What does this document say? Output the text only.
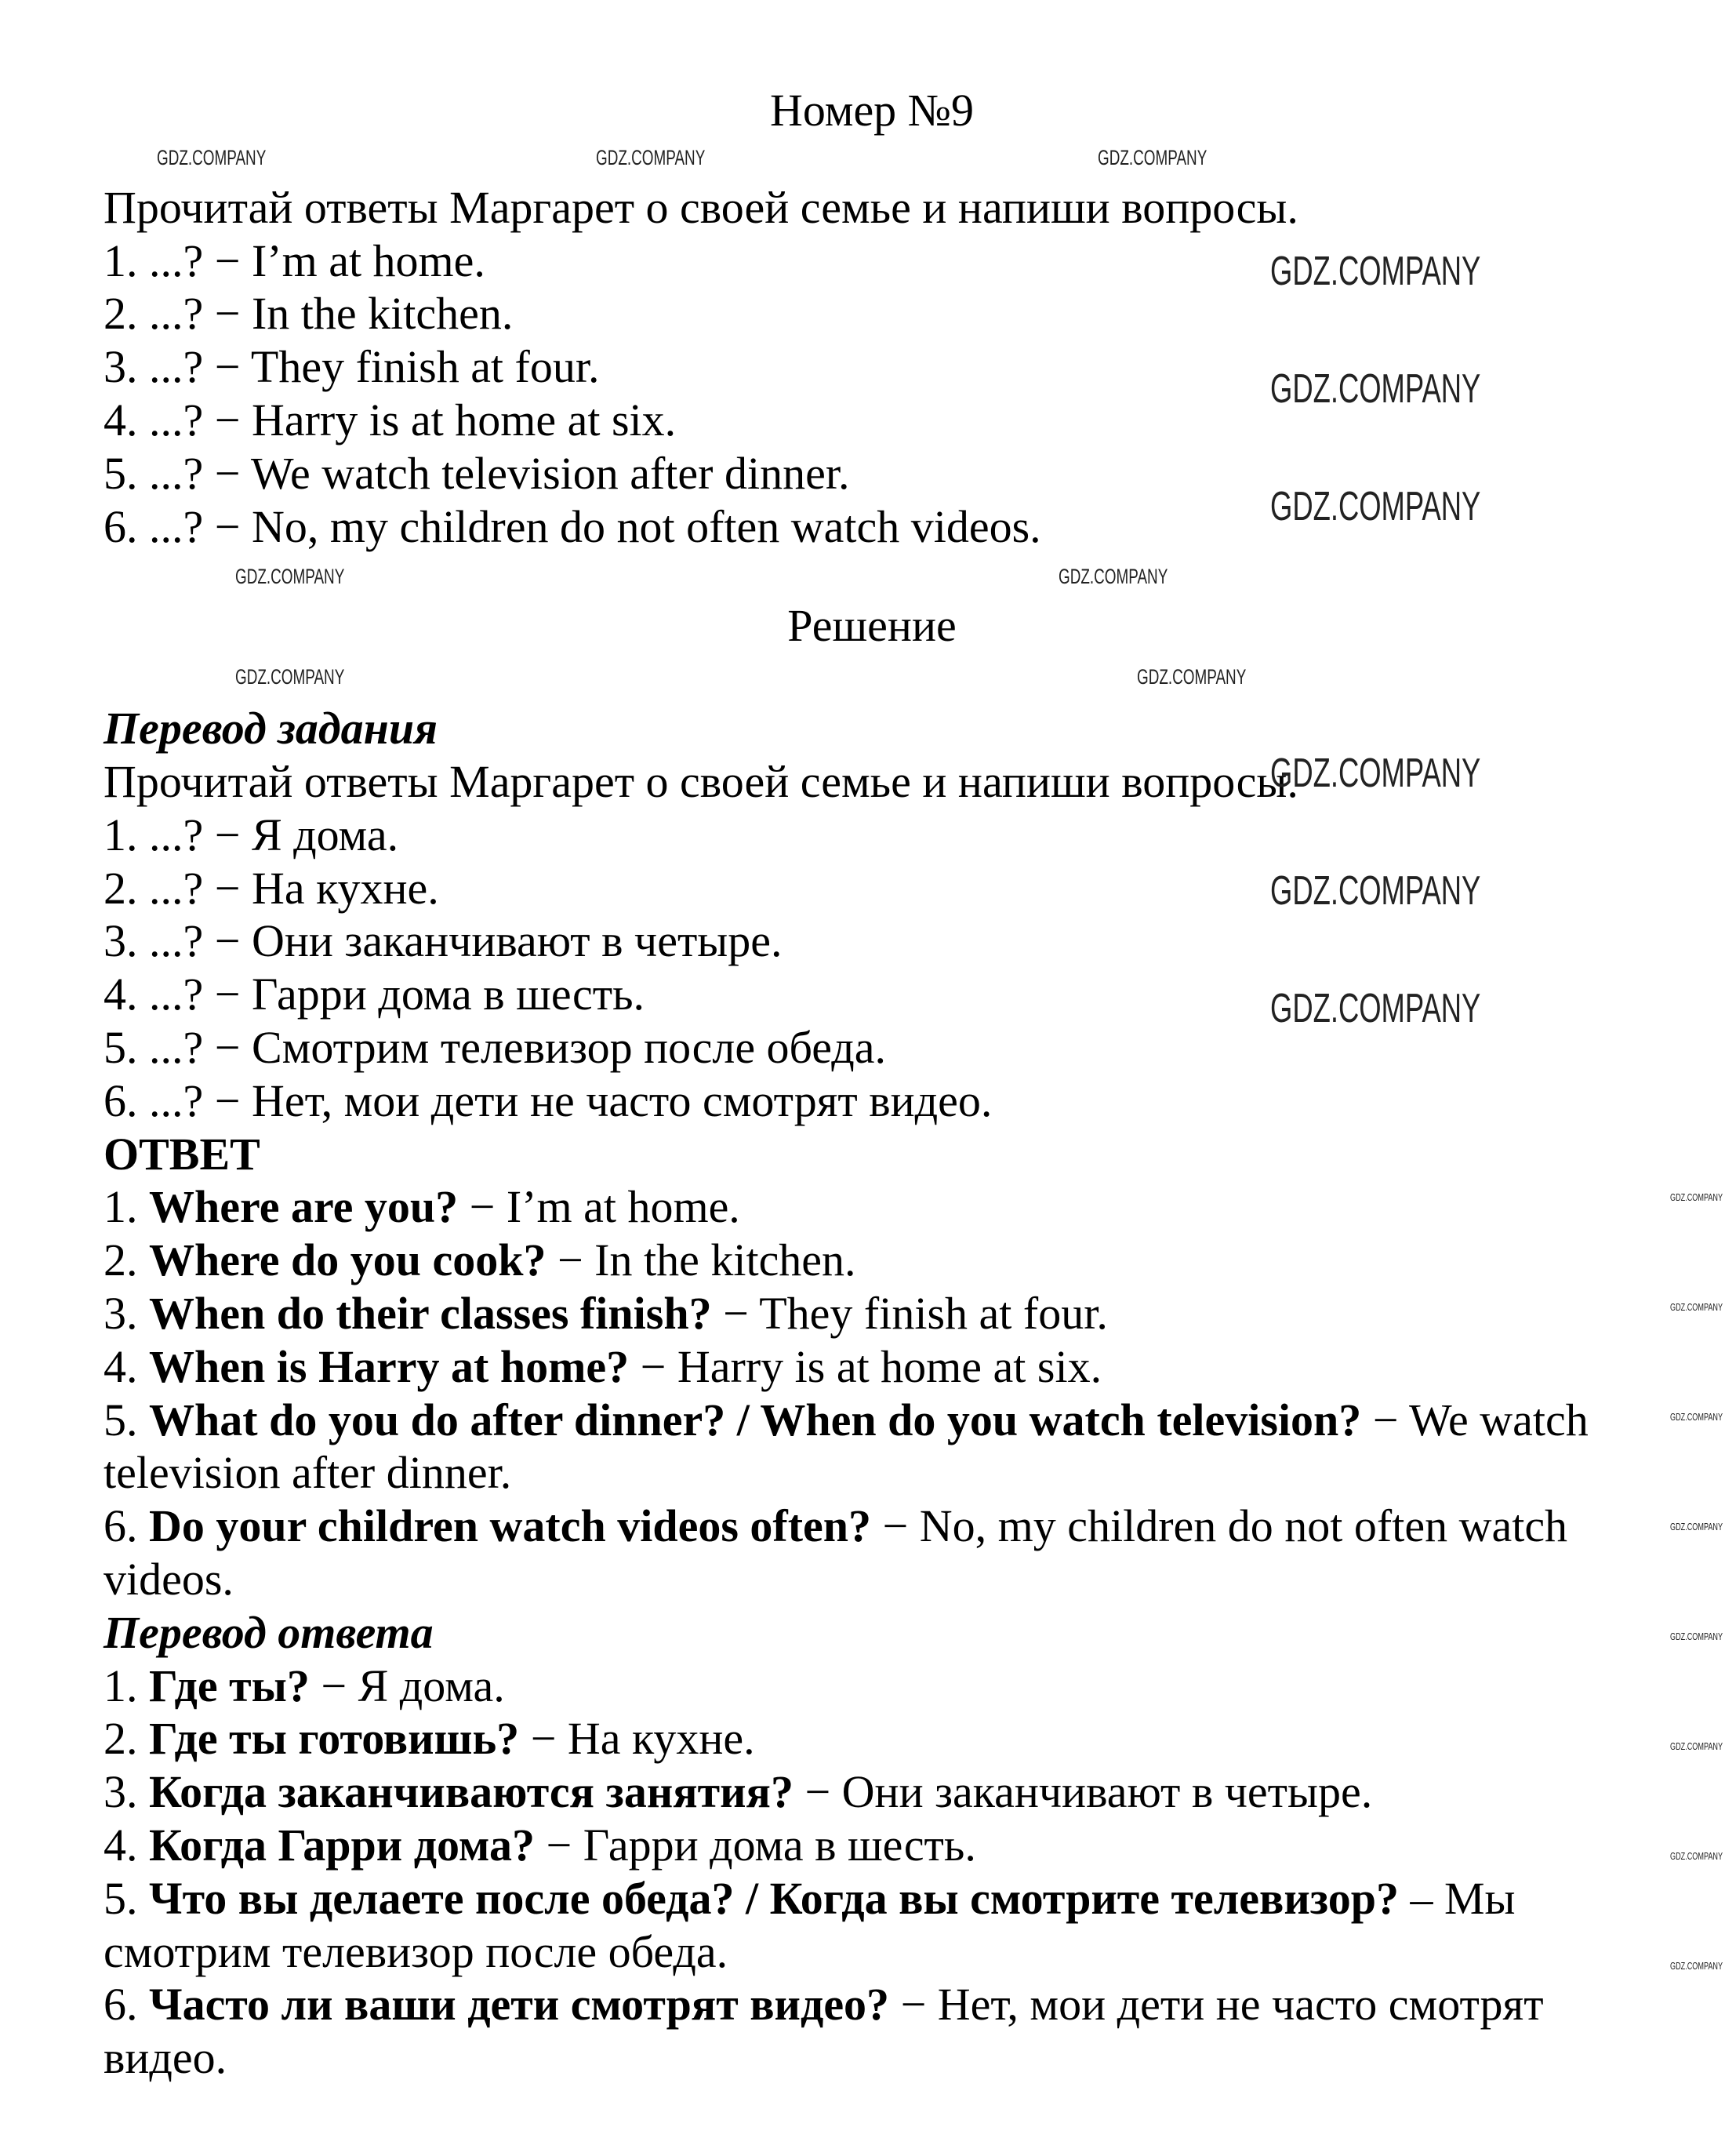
Номер №9
Прочитай ответы Маргарет о своей семье и напиши вопросы.
1. ...? − I’m at home.
2. ...? − In the kitchen.
3. ...? − They finish at four.
4. ...? − Harry is at home at six.
5. ...? − We watch television after dinner.
6. ...? − No, my children do not often watch videos.
Решение
Перевод задания
Прочитай ответы Маргарет о своей семье и напиши вопросы.
1. ...? − Я дома.
2. ...? − На кухне.
3. ...? − Они заканчивают в четыре.
4. ...? − Гарри дома в шесть.
5. ...? − Смотрим телевизор после обеда.
6. ...? − Нет, мои дети не часто смотрят видео.
ОТВЕТ
1. Where are you? − I’m at home.
2. Where do you cook? − In the kitchen.
3. When do their classes finish? − They finish at four.
4. When is Harry at home? − Harry is at home at six.
5. What do you do after dinner? / When do you watch television? − We watch television after dinner.
6. Do your children watch videos often? − No, my children do not often watch videos.
Перевод ответа
1. Где ты? − Я дома.
2. Где ты готовишь? − На кухне.
3. Когда заканчиваются занятия? − Они заканчивают в четыре.
4. Когда Гарри дома? − Гарри дома в шесть.
5. Что вы делаете после обеда? / Когда вы смотрите телевизор? – Мы смотрим телевизор после обеда.
6. Часто ли ваши дети смотрят видео? − Нет, мои дети не часто смотрят видео.
GDZ.COMPANY
GDZ.COMPANY
GDZ.COMPANY
GDZ.COMPANY
GDZ.COMPANY
GDZ.COMPANY
GDZ.COMPANY	GDZ.COMPANY	GDZ.COMPANY
GDZ.COMPANY	GDZ.COMPANY
GDZ.COMPANY	GDZ.COMPANY
GDZ.COMPANY
GDZ.COMPANY
GDZ.COMPANY
GDZ.COMPANY
GDZ.COMPANY
GDZ.COMPANY
GDZ.COMPANY
GDZ.COMPANY
